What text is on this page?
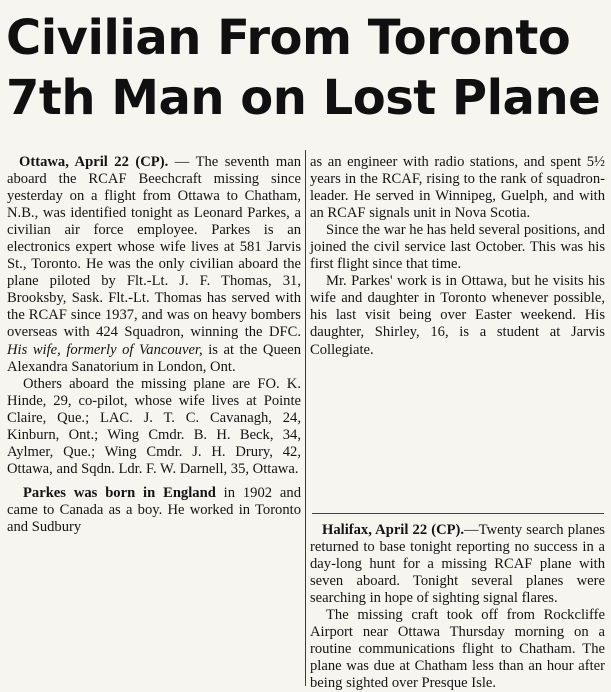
Civilian From Toronto
7th Man on Lost Plane

Ottawa, April 22 (CP). — The seventh man aboard the RCAF Beechcraft missing since yesterday on a flight from Ottawa to Chatham, N.B., was identified tonight as Leonard Parkes, a civilian air force employee. Parkes is an electronics expert whose wife lives at 581 Jarvis St., Toronto. He was the only civilian aboard the plane piloted by Flt.-Lt. J. F. Thomas, 31, Brooksby, Sask. Flt.-Lt. Thomas has served with the RCAF since 1937, and was on heavy bombers overseas with 424 Squadron, winning the DFC. His wife, formerly of Vancouver, is at the Queen Alexandra Sanatorium in London, Ont.

Others aboard the missing plane are FO. K. Hinde, 29, co-pilot, whose wife lives at Pointe Claire, Que.; LAC. J. T. C. Cavanagh, 24, Kinburn, Ont.; Wing Cmdr. B. H. Beck, 34, Aylmer, Que.; Wing Cmdr. J. H. Drury, 42, Ottawa, and Sqdn. Ldr. F. W. Darnell, 35, Ottawa.

Parkes was born in England in 1902 and came to Canada as a boy. He worked in Toronto and Sudbury

as an engineer with radio stations, and spent 5½ years in the RCAF, rising to the rank of squadron-leader. He served in Winnipeg, Guelph, and with an RCAF signals unit in Nova Scotia.

Since the war he has held several positions, and joined the civil service last October. This was his first flight since that time.

Mr. Parkes' work is in Ottawa, but he visits his wife and daughter in Toronto whenever possible, his last visit being over Easter weekend. His daughter, Shirley, 16, is a student at Jarvis Collegiate.

Halifax, April 22 (CP).—Twenty search planes returned to base tonight reporting no success in a day-long hunt for a missing RCAF plane with seven aboard. Tonight several planes were searching in hope of sighting signal flares.

The missing craft took off from Rockcliffe Airport near Ottawa Thursday morning on a routine communications flight to Chatham. The plane was due at Chatham less than an hour after being sighted over Presque Isle.
